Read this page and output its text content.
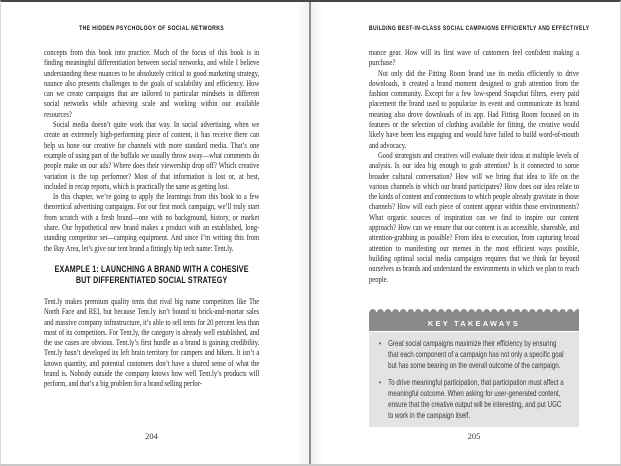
THE HIDDEN PSYCHOLOGY OF SOCIAL NETWORKS

concepts from this book into practice. Much of the focus of this book is in finding meaningful differentiation between social networks, and while I believe understanding these nuances to be absolutely critical to good marketing strategy, naunce also presents challenges to the goals of scalability and efficiency. How can we create campaigns that are tailored to particular mindsets in different social networks while achieving scale and working within our available resources?

Social media doesn’t quite work that way. In social advertising, when we create an extremely high-performing piece of content, it has receive there can help us hone our creative for channels with more standard media. That’s one example of using part of the buffalo we usually throw away—what comments do people make on our ads? Where does their viewership drop off? Which creative variation is the top performer? Most of that information is lost or, at best, included in recap reports, which is practically the same as getting lost.

In this chapter, we’re going to apply the learnings from this book to a few theoretical advertising campaigns. For our first mock campaign, we’ll truly start from scratch with a fresh brand—one with no background, history, or market share. Our hypothetical new brand makes a product with an established, long-standing competitor set—camping equipment. And since I’m writing this from the Bay Area, let’s give our tent brand a fittingly hip tech name: Tent.ly.

EXAMPLE 1: LAUNCHING A BRAND WITH A COHESIVE
BUT DIFFERENTIATED SOCIAL STRATEGY

Tent.ly makes premium quality tents that rival big name competitors like The North Face and REI, but because Tent.ly isn’t bound to brick-and-mortar sales and massive company infrastructure, it’s able to sell tents for 20 percent less than most of its competitors. For Tent.ly, the category is already well established, and the use cases are obvious. Tent.ly’s first hurdle as a brand is gaining credibility. Tent.ly hasn’t developed its left brain territory for campers and hikers. It isn’t a known quantity, and potential customers don’t have a shared sense of what the brand is. Nobody outside the company knows how well Tent.ly’s products will perform, and that’s a big problem for a brand selling perfor-

204
BUILDING BEST-IN-CLASS SOCIAL CAMPAIGNS EFFICIENTLY AND EFFECTIVELY

mance gear. How will its first wave of customers feel confident making a purchase?

Not only did the Fitting Room brand use its media efficiently to drive downloads, it created a brand moment designed to grab attention from the fashion community. Except for a few low-spend Snapchat filters, every paid placement the brand used to popularize its event and communicate its brand meaning also drove downloads of its app. Had Fitting Room focused on its features or the selection of clothing available for fitting, the creative would likely have been less engaging and would have failed to build word-of-mouth and advocacy.

Good strategists and creatives will evaluate their ideas at multiple levels of analysis. Is our idea big enough to grab attention? Is it connected to some broader cultural conversation? How will we bring that idea to life on the various channels in which our brand participates? How does our idea relate to the kinds of content and connections to which people already gravitate in those channels? How will each piece of content appear within those environments? What organic sources of inspiration can we find to inspire our content approach? How can we ensure that our content is as accessible, shareable, and attention-grabbing as possible? From idea to execution, from capturing broad attention to manifesting our memes in the most efficient ways possible, building optimal social media campaigns requires that we think far beyond ourselves as brands and understand the environments in which we plan to reach people.

KEY TAKEAWAYS
• Great social campaigns maximize their efficiency by ensuring that each component of a campaign has not only a specific goal but has some bearing on the overall outcome of the campaign.
• To drive meaningful participation, that participation must affect a meaningful outcome. When asking for user-generated content, ensure that the creative output will be interesting, and put UGC to work in the campaign itself.
205
